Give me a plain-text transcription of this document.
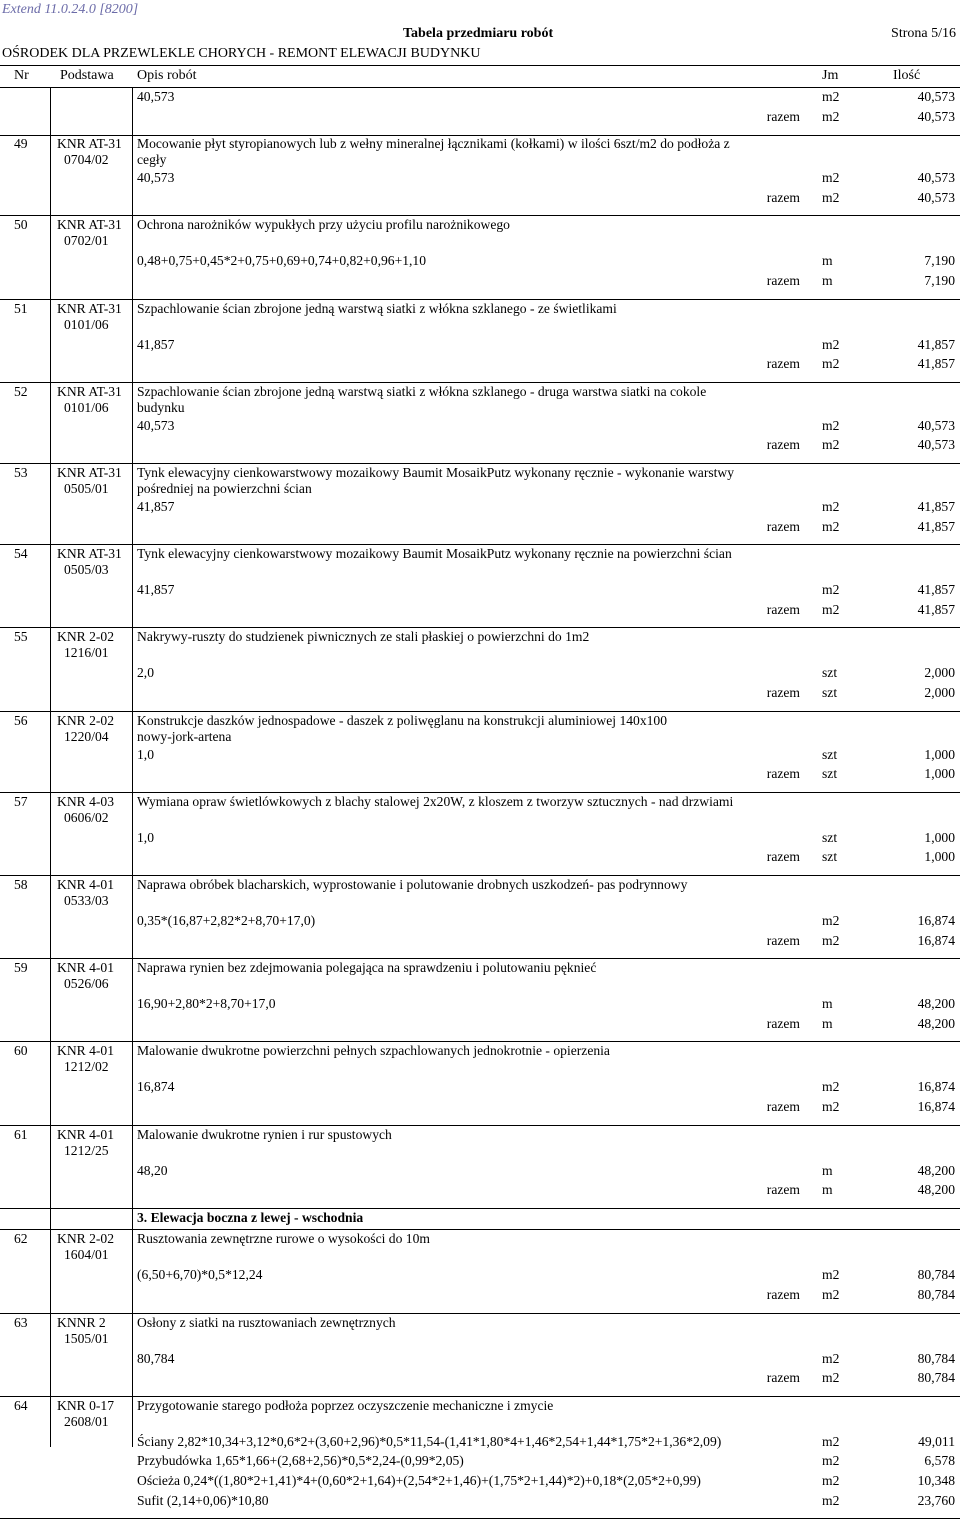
Extend 11.0.24.0 [8200]
Tabela przedmiaru robót	Strona 5/16
OŚRODEK DLA PRZEWLEKLE CHORYCH - REMONT ELEWACJI BUDYNKU
Nr Podstawa Opis robót	Jm	Ilość
40,573	m2	40,573
razem m2	40,573
49 KNR AT-31
0704/02
Mocowanie płyt styropianowych lub z wełny mineralnej łącznikami (kołkami) w ilości 6szt/m2 do podłoża z
cegły
40,573	m2	40,573
razem m2	40,573
50 KNR AT-31
0702/01
Ochrona narożników wypukłych przy użyciu profilu narożnikowego
0,48+0,75+0,45*2+0,75+0,69+0,74+0,82+0,96+1,10	m	7,190
razem m	7,190
51 KNR AT-31
0101/06
Szpachlowanie ścian zbrojone jedną warstwą siatki z włókna szklanego - ze świetlikami
41,857	m2	41,857
razem m2	41,857
52 KNR AT-31
0101/06
Szpachlowanie ścian zbrojone jedną warstwą siatki z włókna szklanego - druga warstwa siatki na cokole
budynku
40,573	m2	40,573
razem m2	40,573
53 KNR AT-31
0505/01
Tynk elewacyjny cienkowarstwowy mozaikowy Baumit MosaikPutz wykonany ręcznie - wykonanie warstwy
pośredniej na powierzchni ścian
41,857	m2	41,857
razem m2	41,857
54 KNR AT-31
0505/03
Tynk elewacyjny cienkowarstwowy mozaikowy Baumit MosaikPutz wykonany ręcznie na powierzchni ścian
41,857	m2	41,857
razem m2	41,857
55 KNR 2-02
1216/01
Nakrywy-ruszty do studzienek piwnicznych ze stali płaskiej o powierzchni do 1m2
2,0	szt	2,000
razem szt	2,000
56 KNR 2-02
1220/04
Konstrukcje daszków jednospadowe - daszek z poliwęglanu na konstrukcji aluminiowej 140x100
nowy-jork-artena
1,0	szt	1,000
razem szt	1,000
57 KNR 4-03
0606/02
Wymiana opraw świetlówkowych z blachy stalowej 2x20W, z kloszem z tworzyw sztucznych - nad drzwiami
1,0	szt	1,000
razem szt	1,000
58 KNR 4-01
0533/03
Naprawa obróbek blacharskich, wyprostowanie i polutowanie drobnych uszkodzeń- pas podrynnowy
0,35*(16,87+2,82*2+8,70+17,0)	m2	16,874
razem m2	16,874
59 KNR 4-01
0526/06
Naprawa rynien bez zdejmowania polegająca na sprawdzeniu i polutowaniu pęknieć
16,90+2,80*2+8,70+17,0	m	48,200
razem m	48,200
60 KNR 4-01
1212/02
Malowanie dwukrotne powierzchni pełnych szpachlowanych jednokrotnie - opierzenia
16,874	m2	16,874
razem m2	16,874
61 KNR 4-01
1212/25
Malowanie dwukrotne rynien i rur spustowych
48,20	m	48,200
razem m	48,200
3. Elewacja boczna z lewej - wschodnia
62 KNR 2-02
1604/01
Rusztowania zewnętrzne rurowe o wysokości do 10m
(6,50+6,70)*0,5*12,24	m2	80,784
razem m2	80,784
63 KNNR 2
1505/01
Osłony z siatki na rusztowaniach zewnętrznych
80,784	m2	80,784
razem m2	80,784
64 KNR 0-17
2608/01
Przygotowanie starego podłoża poprzez oczyszczenie mechaniczne i zmycie
Ściany 2,82*10,34+3,12*0,6*2+(3,60+2,96)*0,5*11,54-(1,41*1,80*4+1,46*2,54+1,44*1,75*2+1,36*2,09)	m2	49,011
Przybudówka 1,65*1,66+(2,68+2,56)*0,5*2,24-(0,99*2,05)	m2	6,578
Ościeża 0,24*((1,80*2+1,41)*4+(0,60*2+1,64)+(2,54*2+1,46)+(1,75*2+1,44)*2)+0,18*(2,05*2+0,99)	m2	10,348
Sufit (2,14+0,06)*10,80	m2	23,760
